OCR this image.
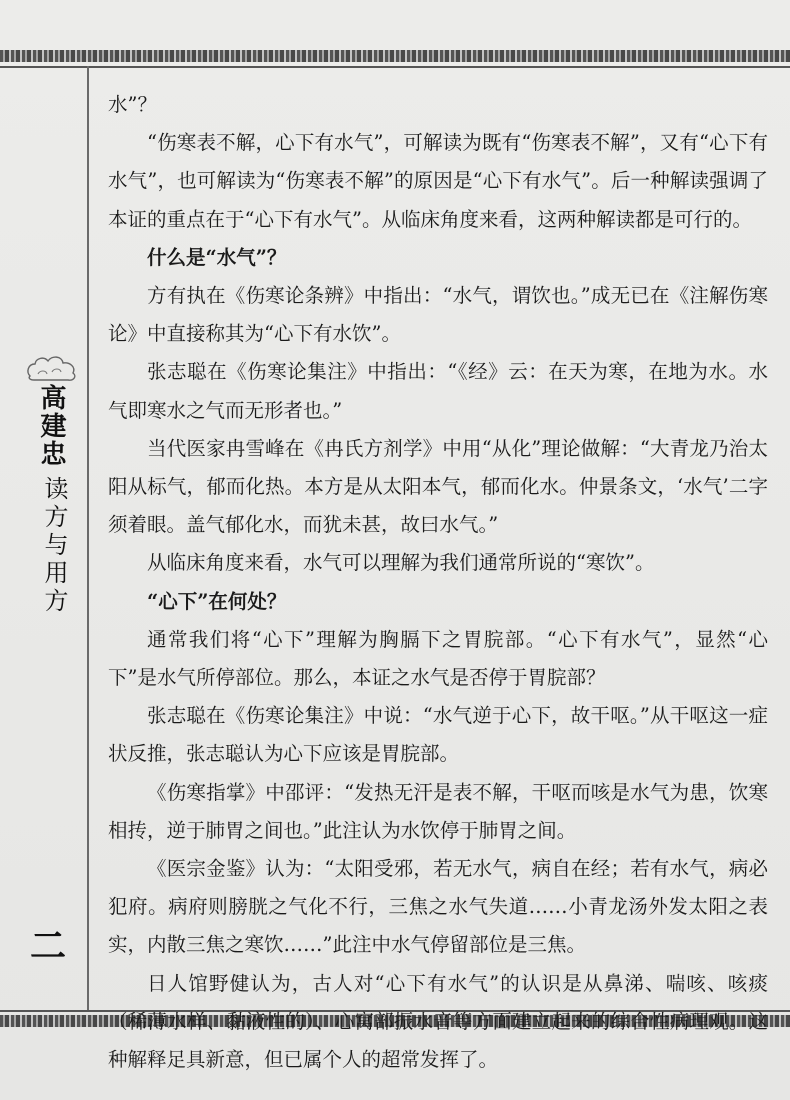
高建忠
读方与用方
二

水”？

“伤寒表不解，心下有水气”，可解读为既有“伤寒表不解”，又有“心下有水气”，也可解读为“伤寒表不解”的原因是“心下有水气”。后一种解读强调了本证的重点在于“心下有水气”。从临床角度来看，这两种解读都是可行的。

什么是“水气”？

方有执在《伤寒论条辨》中指出：“水气，谓饮也。”成无已在《注解伤寒论》中直接称其为“心下有水饮”。

张志聪在《伤寒论集注》中指出：“《经》云：在天为寒，在地为水。水气即寒水之气而无形者也。”

当代医家冉雪峰在《冉氏方剂学》中用“从化”理论做解：“大青龙乃治太阳从标气，郁而化热。本方是从太阳本气，郁而化水。仲景条文，‘水气’二字须着眼。盖气郁化水，而犹未甚，故曰水气。”

从临床角度来看，水气可以理解为我们通常所说的“寒饮”。

“心下”在何处？

通常我们将“心下”理解为胸膈下之胃脘部。“心下有水气”，显然“心下”是水气所停部位。那么，本证之水气是否停于胃脘部？

张志聪在《伤寒论集注》中说：“水气逆于心下，故干呕。”从干呕这一症状反推，张志聪认为心下应该是胃脘部。

《伤寒指掌》中邵评：“发热无汗是表不解，干呕而咳是水气为患，饮寒相抟，逆于肺胃之间也。”此注认为水饮停于肺胃之间。

《医宗金鉴》认为：“太阳受邪，若无水气，病自在经；若有水气，病必犯府。病府则膀胱之气化不行，三焦之水气失道……小青龙汤外发太阳之表实，内散三焦之寒饮……”此注中水气停留部位是三焦。

日人馆野健认为，古人对“心下有水气”的认识是从鼻涕、喘咳、咳痰（稀薄水样、黏液性的）、心窝部振水音等方面建立起来的综合性病理观。这种解释足具新意，但已属个人的超常发挥了。
